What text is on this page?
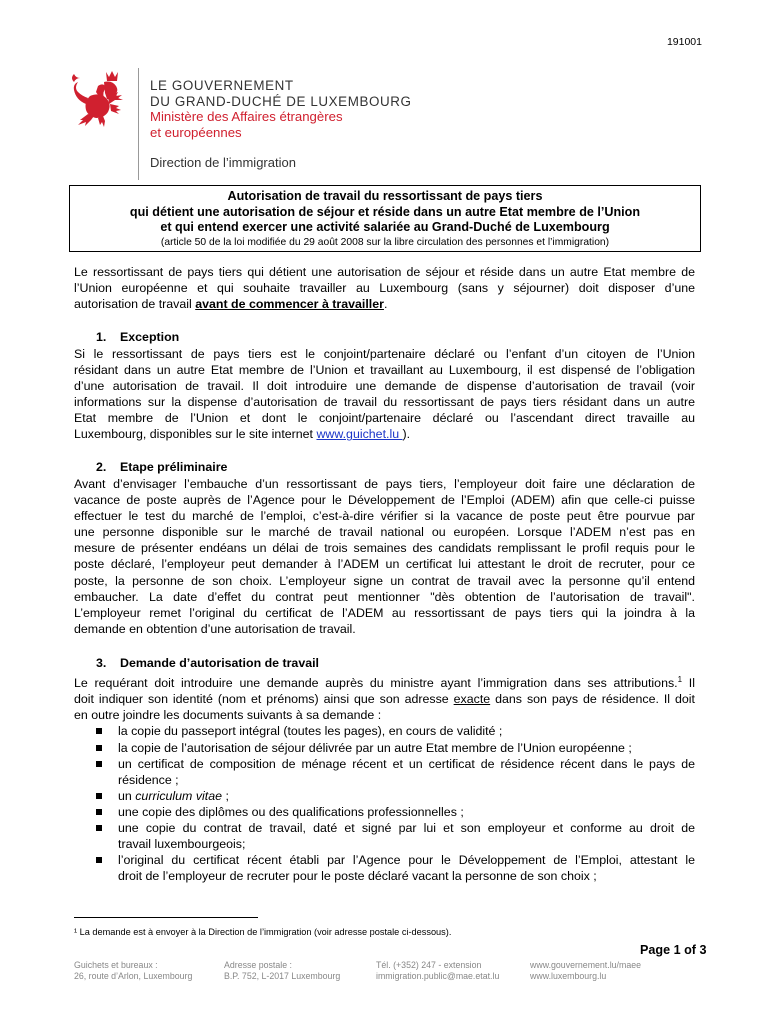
191001
LE GOUVERNEMENT
DU GRAND-DUCHÉ DE LUXEMBOURG
Ministère des Affaires étrangères
et européennes
Direction de l’immigration
Autorisation de travail du ressortissant de pays tiers
qui détient une autorisation de séjour et réside dans un autre Etat membre de l’Union
et qui entend exercer une activité salariée au Grand-Duché de Luxembourg
(article 50 de la loi modifiée du 29 août 2008 sur la libre circulation des personnes et l’immigration)
Le ressortissant de pays tiers qui détient une autorisation de séjour et réside dans un autre Etat membre de
l’Union européenne et qui souhaite travailler au Luxembourg (sans y séjourner) doit disposer d’une
autorisation de travail avant de commencer à travailler.
1. Exception
Si le ressortissant de pays tiers est le conjoint/partenaire déclaré ou l’enfant d’un citoyen de l’Union
résidant dans un autre Etat membre de l’Union et travaillant au Luxembourg, il est dispensé de l’obligation
d’une autorisation de travail. Il doit introduire une demande de dispense d’autorisation de travail (voir
informations sur la dispense d’autorisation de travail du ressortissant de pays tiers résidant dans un autre
Etat membre de l’Union et dont le conjoint/partenaire déclaré ou l’ascendant direct travaille au
Luxembourg, disponibles sur le site internet www.guichet.lu ).
2. Etape préliminaire
Avant d’envisager l’embauche d’un ressortissant de pays tiers, l’employeur doit faire une déclaration de
vacance de poste auprès de l’Agence pour le Développement de l’Emploi (ADEM) afin que celle-ci puisse
effectuer le test du marché de l’emploi, c’est-à-dire vérifier si la vacance de poste peut être pourvue par
une personne disponible sur le marché de travail national ou européen. Lorsque l’ADEM n’est pas en
mesure de présenter endéans un délai de trois semaines des candidats remplissant le profil requis pour le
poste déclaré, l’employeur peut demander à l’ADEM un certificat lui attestant le droit de recruter, pour ce
poste, la personne de son choix. L’employeur signe un contrat de travail avec la personne qu’il entend
embaucher. La date d’effet du contrat peut mentionner "dès obtention de l’autorisation de travail".
L’employeur remet l’original du certificat de l’ADEM au ressortissant de pays tiers qui la joindra à la
demande en obtention d’une autorisation de travail.
3. Demande d’autorisation de travail
Le requérant doit introduire une demande auprès du ministre ayant l’immigration dans ses attributions.$^1$ Il
doit indiquer son identité (nom et prénoms) ainsi que son adresse exacte dans son pays de résidence. Il doit
en outre joindre les documents suivants à sa demande :
la copie du passeport intégral (toutes les pages), en cours de validité ;
la copie de l’autorisation de séjour délivrée par un autre Etat membre de l’Union européenne ;
un certificat de composition de ménage récent et un certificat de résidence récent dans le pays de
résidence ;
un curriculum vitae ;
une copie des diplômes ou des qualifications professionnelles ;
une copie du contrat de travail, daté et signé par lui et son employeur et conforme au droit de
travail luxembourgeois;
l’original du certificat récent établi par l’Agence pour le Développement de l’Emploi, attestant le
droit de l’employeur de recruter pour le poste déclaré vacant la personne de son choix ;
¹ La demande est à envoyer à la Direction de l’immigration (voir adresse postale ci-dessous).
Page 1 of 3
Guichets et bureaux :
26, route d’Arlon, Luxembourg
Adresse postale :
B.P. 752, L-2017 Luxembourg
Tél. (+352) 247 - extension
immigration.public@mae.etat.lu
www.gouvernement.lu/maee
www.luxembourg.lu
